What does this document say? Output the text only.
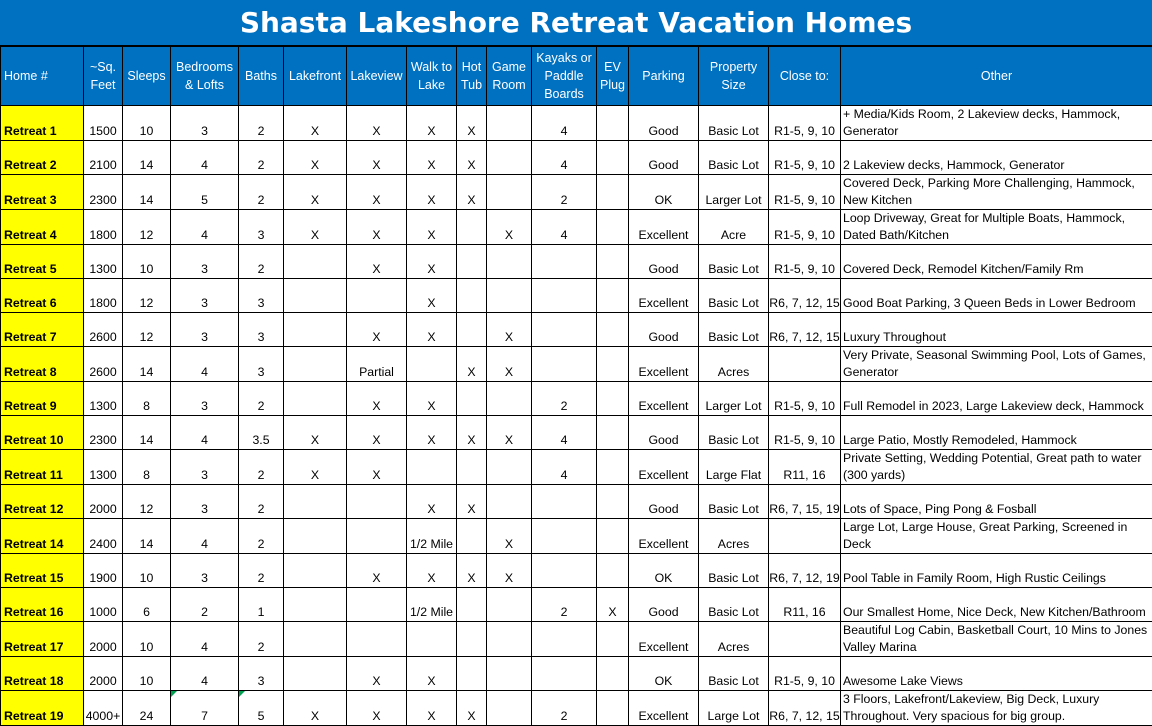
Shasta Lakeshore Retreat Vacation Homes
Home #	~Sq. Feet	Sleeps	Bedrooms & Lofts	Baths	Lakefront	Lakeview	Walk to Lake	Hot Tub	Game Room	Kayaks or Paddle Boards	EV Plug	Parking	Property Size	Close to:	Other
Retreat 1	1500	10	3	2	X	X	X	X		4		Good	Basic Lot	R1-5, 9, 10	+ Media/Kids Room, 2 Lakeview decks, Hammock, Generator
Retreat 2	2100	14	4	2	X	X	X	X		4		Good	Basic Lot	R1-5, 9, 10	2 Lakeview decks, Hammock, Generator
Retreat 3	2300	14	5	2	X	X	X	X		2		OK	Larger Lot	R1-5, 9, 10	Covered Deck, Parking More Challenging, Hammock, New Kitchen
Retreat 4	1800	12	4	3	X	X	X		X	4		Excellent	Acre	R1-5, 9, 10	Loop Driveway, Great for Multiple Boats, Hammock, Dated Bath/Kitchen
Retreat 5	1300	10	3	2		X	X					Good	Basic Lot	R1-5, 9, 10	Covered Deck, Remodel Kitchen/Family Rm
Retreat 6	1800	12	3	3			X					Excellent	Basic Lot	R6, 7, 12, 15	Good Boat Parking, 3 Queen Beds in Lower Bedroom
Retreat 7	2600	12	3	3		X	X		X			Good	Basic Lot	R6, 7, 12, 15	Luxury Throughout
Retreat 8	2600	14	4	3		Partial		X	X			Excellent	Acres		Very Private, Seasonal Swimming Pool, Lots of Games, Generator
Retreat 9	1300	8	3	2		X	X			2		Excellent	Larger Lot	R1-5, 9, 10	Full Remodel in 2023, Large Lakeview deck, Hammock
Retreat 10	2300	14	4	3.5	X	X	X	X	X	4		Good	Basic Lot	R1-5, 9, 10	Large Patio, Mostly Remodeled, Hammock
Retreat 11	1300	8	3	2	X	X				4		Excellent	Large Flat	R11, 16	Private Setting, Wedding Potential, Great path to water (300 yards)
Retreat 12	2000	12	3	2			X	X				Good	Basic Lot	R6, 7, 15, 19	Lots of Space, Ping Pong & Fosball
Retreat 14	2400	14	4	2			1/2 Mile		X			Excellent	Acres		Large Lot, Large House, Great Parking, Screened in Deck
Retreat 15	1900	10	3	2		X	X	X	X			OK	Basic Lot	R6, 7, 12, 19	Pool Table in Family Room, High Rustic Ceilings
Retreat 16	1000	6	2	1			1/2 Mile			2	X	Good	Basic Lot	R11, 16	Our Smallest Home, Nice Deck, New Kitchen/Bathroom
Retreat 17	2000	10	4	2								Excellent	Acres		Beautiful Log Cabin, Basketball Court, 10 Mins to Jones Valley Marina
Retreat 18	2000	10	4	3		X	X					OK	Basic Lot	R1-5, 9, 10	Awesome Lake Views
Retreat 19	4000+	24	7	5	X	X	X	X		2		Excellent	Large Lot	R6, 7, 12, 15	3 Floors, Lakefront/Lakeview, Big Deck, Luxury Throughout. Very spacious for big group.
